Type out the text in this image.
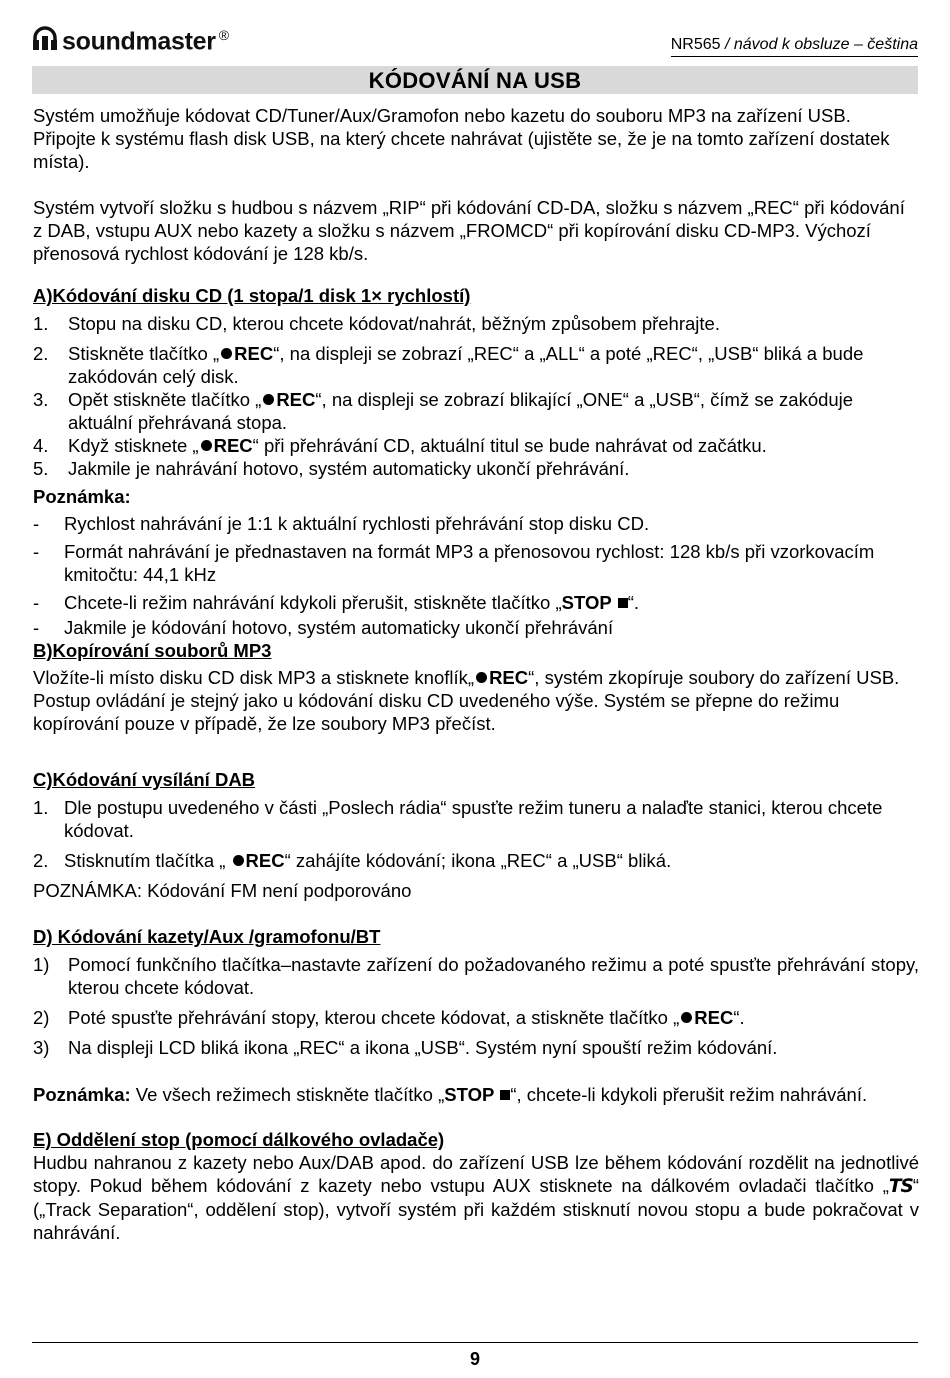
soundmaster ®
NR565 / návod k obsluze – čeština
KÓDOVÁNÍ NA USB

Systém umožňuje kódovat CD/Tuner/Aux/Gramofon nebo kazetu do souboru MP3 na zařízení USB.

Připojte k systému flash disk USB, na který chcete nahrávat (ujistěte se, že je na tomto zařízení dostatek místa).

Systém vytvoří složku s hudbou s názvem „RIP“ při kódování CD-DA, složku s názvem „REC“ při kódování z DAB, vstupu AUX nebo kazety a složku s názvem „FROMCD“ při kopírování disku CD-MP3. Výchozí přenosová rychlost kódování je 128 kb/s.

A)Kódování disku CD (1 stopa/1 disk 1× rychlostí)

1.	Stopu na disku CD, kterou chcete kódovat/nahrát, běžným způsobem přehrajte.
2.	Stiskněte tlačítko „ REC“, na displeji se zobrazí „REC“ a „ALL“ a poté „REC“, „USB“ bliká a bude zakódován celý disk.
3.	Opět stiskněte tlačítko „ REC“, na displeji se zobrazí blikající „ONE“ a „USB“, čímž se zakóduje aktuální přehrávaná stopa.
4.	Když stisknete „ REC“ při přehrávání CD, aktuální titul se bude nahrávat od začátku.
5.	Jakmile je nahrávání hotovo, systém automaticky ukončí přehrávání.

Poznámka:

-	Rychlost nahrávání je 1:1 k aktuální rychlosti přehrávání stop disku CD.
-	Formát nahrávání je přednastaven na formát MP3 a přenosovou rychlost: 128 kb/s při vzorkovacím kmitočtu: 44,1 kHz
-	Chcete-li režim nahrávání kdykoli přerušit, stiskněte tlačítko „STOP “.
-	Jakmile je kódování hotovo, systém automaticky ukončí přehrávání

B)Kopírování souborů MP3

Vložíte-li místo disku CD disk MP3 a stisknete knoflík„ REC“, systém zkopíruje soubory do zařízení USB. Postup ovládání je stejný jako u kódování disku CD uvedeného výše. Systém se přepne do režimu kopírování pouze v případě, že lze soubory MP3 přečíst.

C)Kódování vysílání DAB

1. Dle postupu uvedeného v části „Poslech rádia“ spusťte režim tuneru a nalaďte stanici, kterou chcete kódovat.
2. Stisknutím tlačítka „ REC“ zahájíte kódování; ikona „REC“ a „USB“ bliká.

POZNÁMKA: Kódování FM není podporováno

D) Kódování kazety/Aux /gramofonu/BT

1)	Pomocí funkčního tlačítka–nastavte zařízení do požadovaného režimu a poté spusťte přehrávání stopy, kterou chcete kódovat.
2)	Poté spusťte přehrávání stopy, kterou chcete kódovat, a stiskněte tlačítko „ REC“.
3)	Na displeji LCD bliká ikona „REC“ a ikona „USB“. Systém nyní spouští režim kódování.

Poznámka: Ve všech režimech stiskněte tlačítko „STOP “, chcete-li kdykoli přerušit režim nahrávání.

E) Oddělení stop (pomocí dálkového ovladače)

Hudbu nahranou z kazety nebo Aux/DAB apod. do zařízení USB lze během kódování rozdělit na jednotlivé stopy. Pokud během kódování z kazety nebo vstupu AUX stisknete na dálkovém ovladači tlačítko „TS“ („Track Separation“, oddělení stop), vytvoří systém při každém stisknutí novou stopu a bude pokračovat v nahrávání.

9
